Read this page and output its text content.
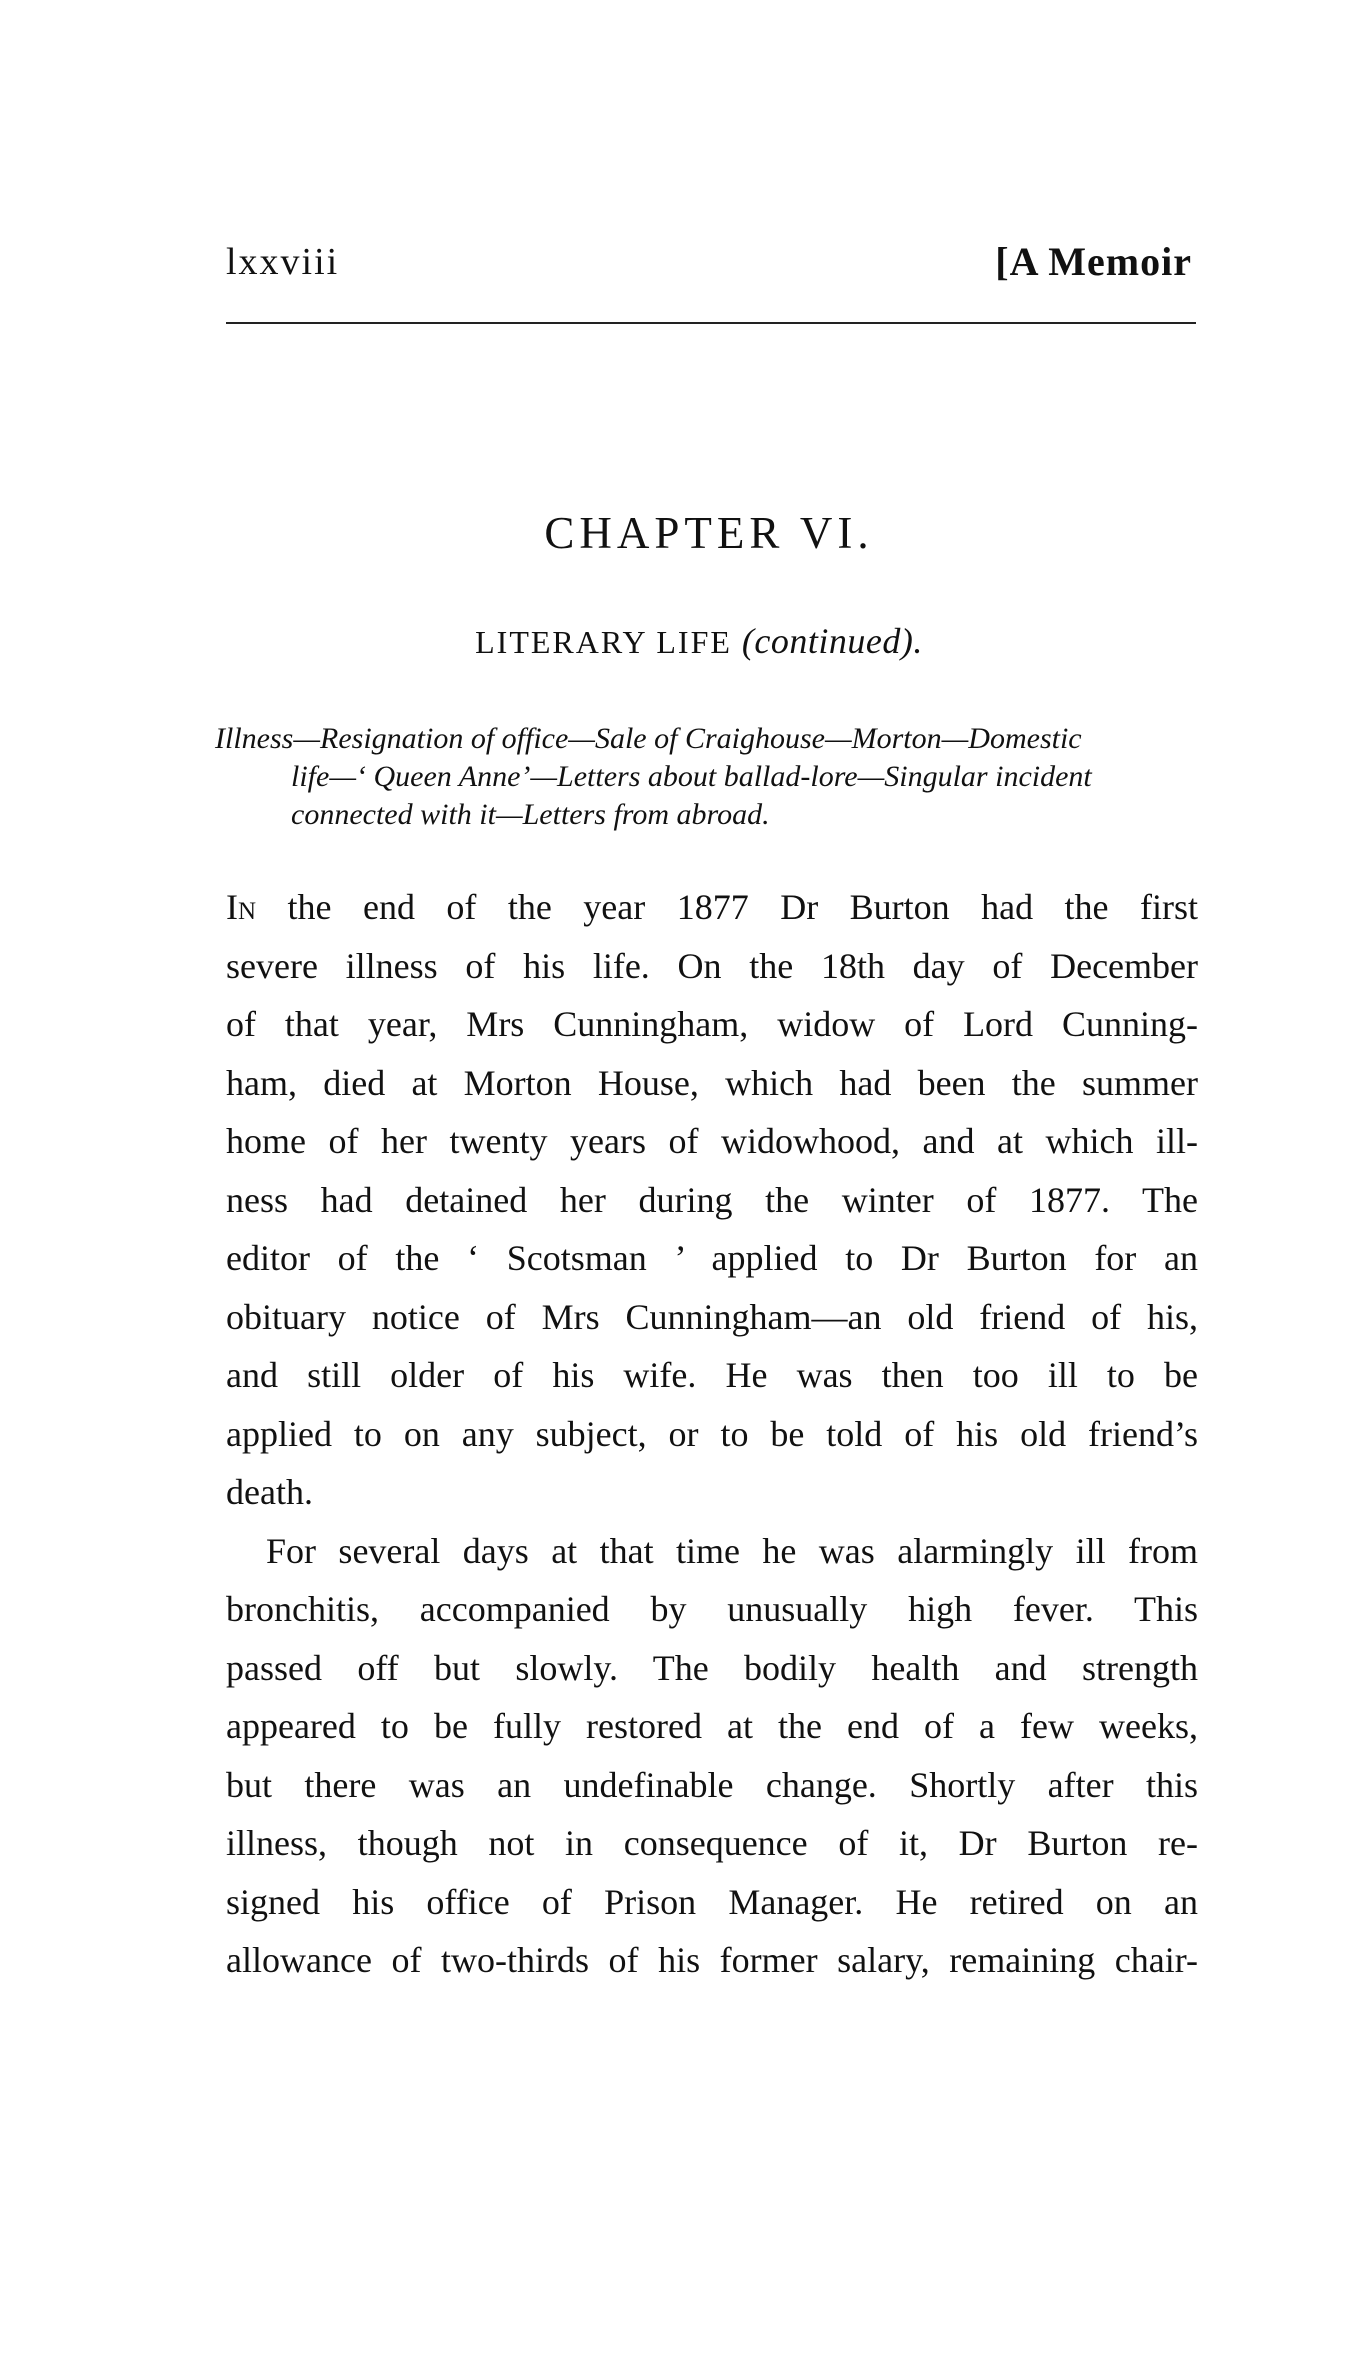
lxxviii	[A Memoir
CHAPTER VI.
LITERARY LIFE (continued).
Illness—Resignation of office—Sale of Craighouse—Morton—Domestic
life—‘ Queen Anne’—Letters about ballad-lore—Singular incident
connected with it—Letters from abroad.
In the end of the year 1877 Dr Burton had the first
severe illness of his life. On the 18th day of December
of that year, Mrs Cunningham, widow of Lord Cunning-
ham, died at Morton House, which had been the summer
home of her twenty years of widowhood, and at which ill-
ness had detained her during the winter of 1877. The
editor of the ‘ Scotsman ’ applied to Dr Burton for an
obituary notice of Mrs Cunningham—an old friend of his,
and still older of his wife. He was then too ill to be
applied to on any subject, or to be told of his old friend’s
death.
For several days at that time he was alarmingly ill from
bronchitis, accompanied by unusually high fever. This
passed off but slowly. The bodily health and strength
appeared to be fully restored at the end of a few weeks,
but there was an undefinable change. Shortly after this
illness, though not in consequence of it, Dr Burton re-
signed his office of Prison Manager. He retired on an
allowance of two-thirds of his former salary, remaining chair-
